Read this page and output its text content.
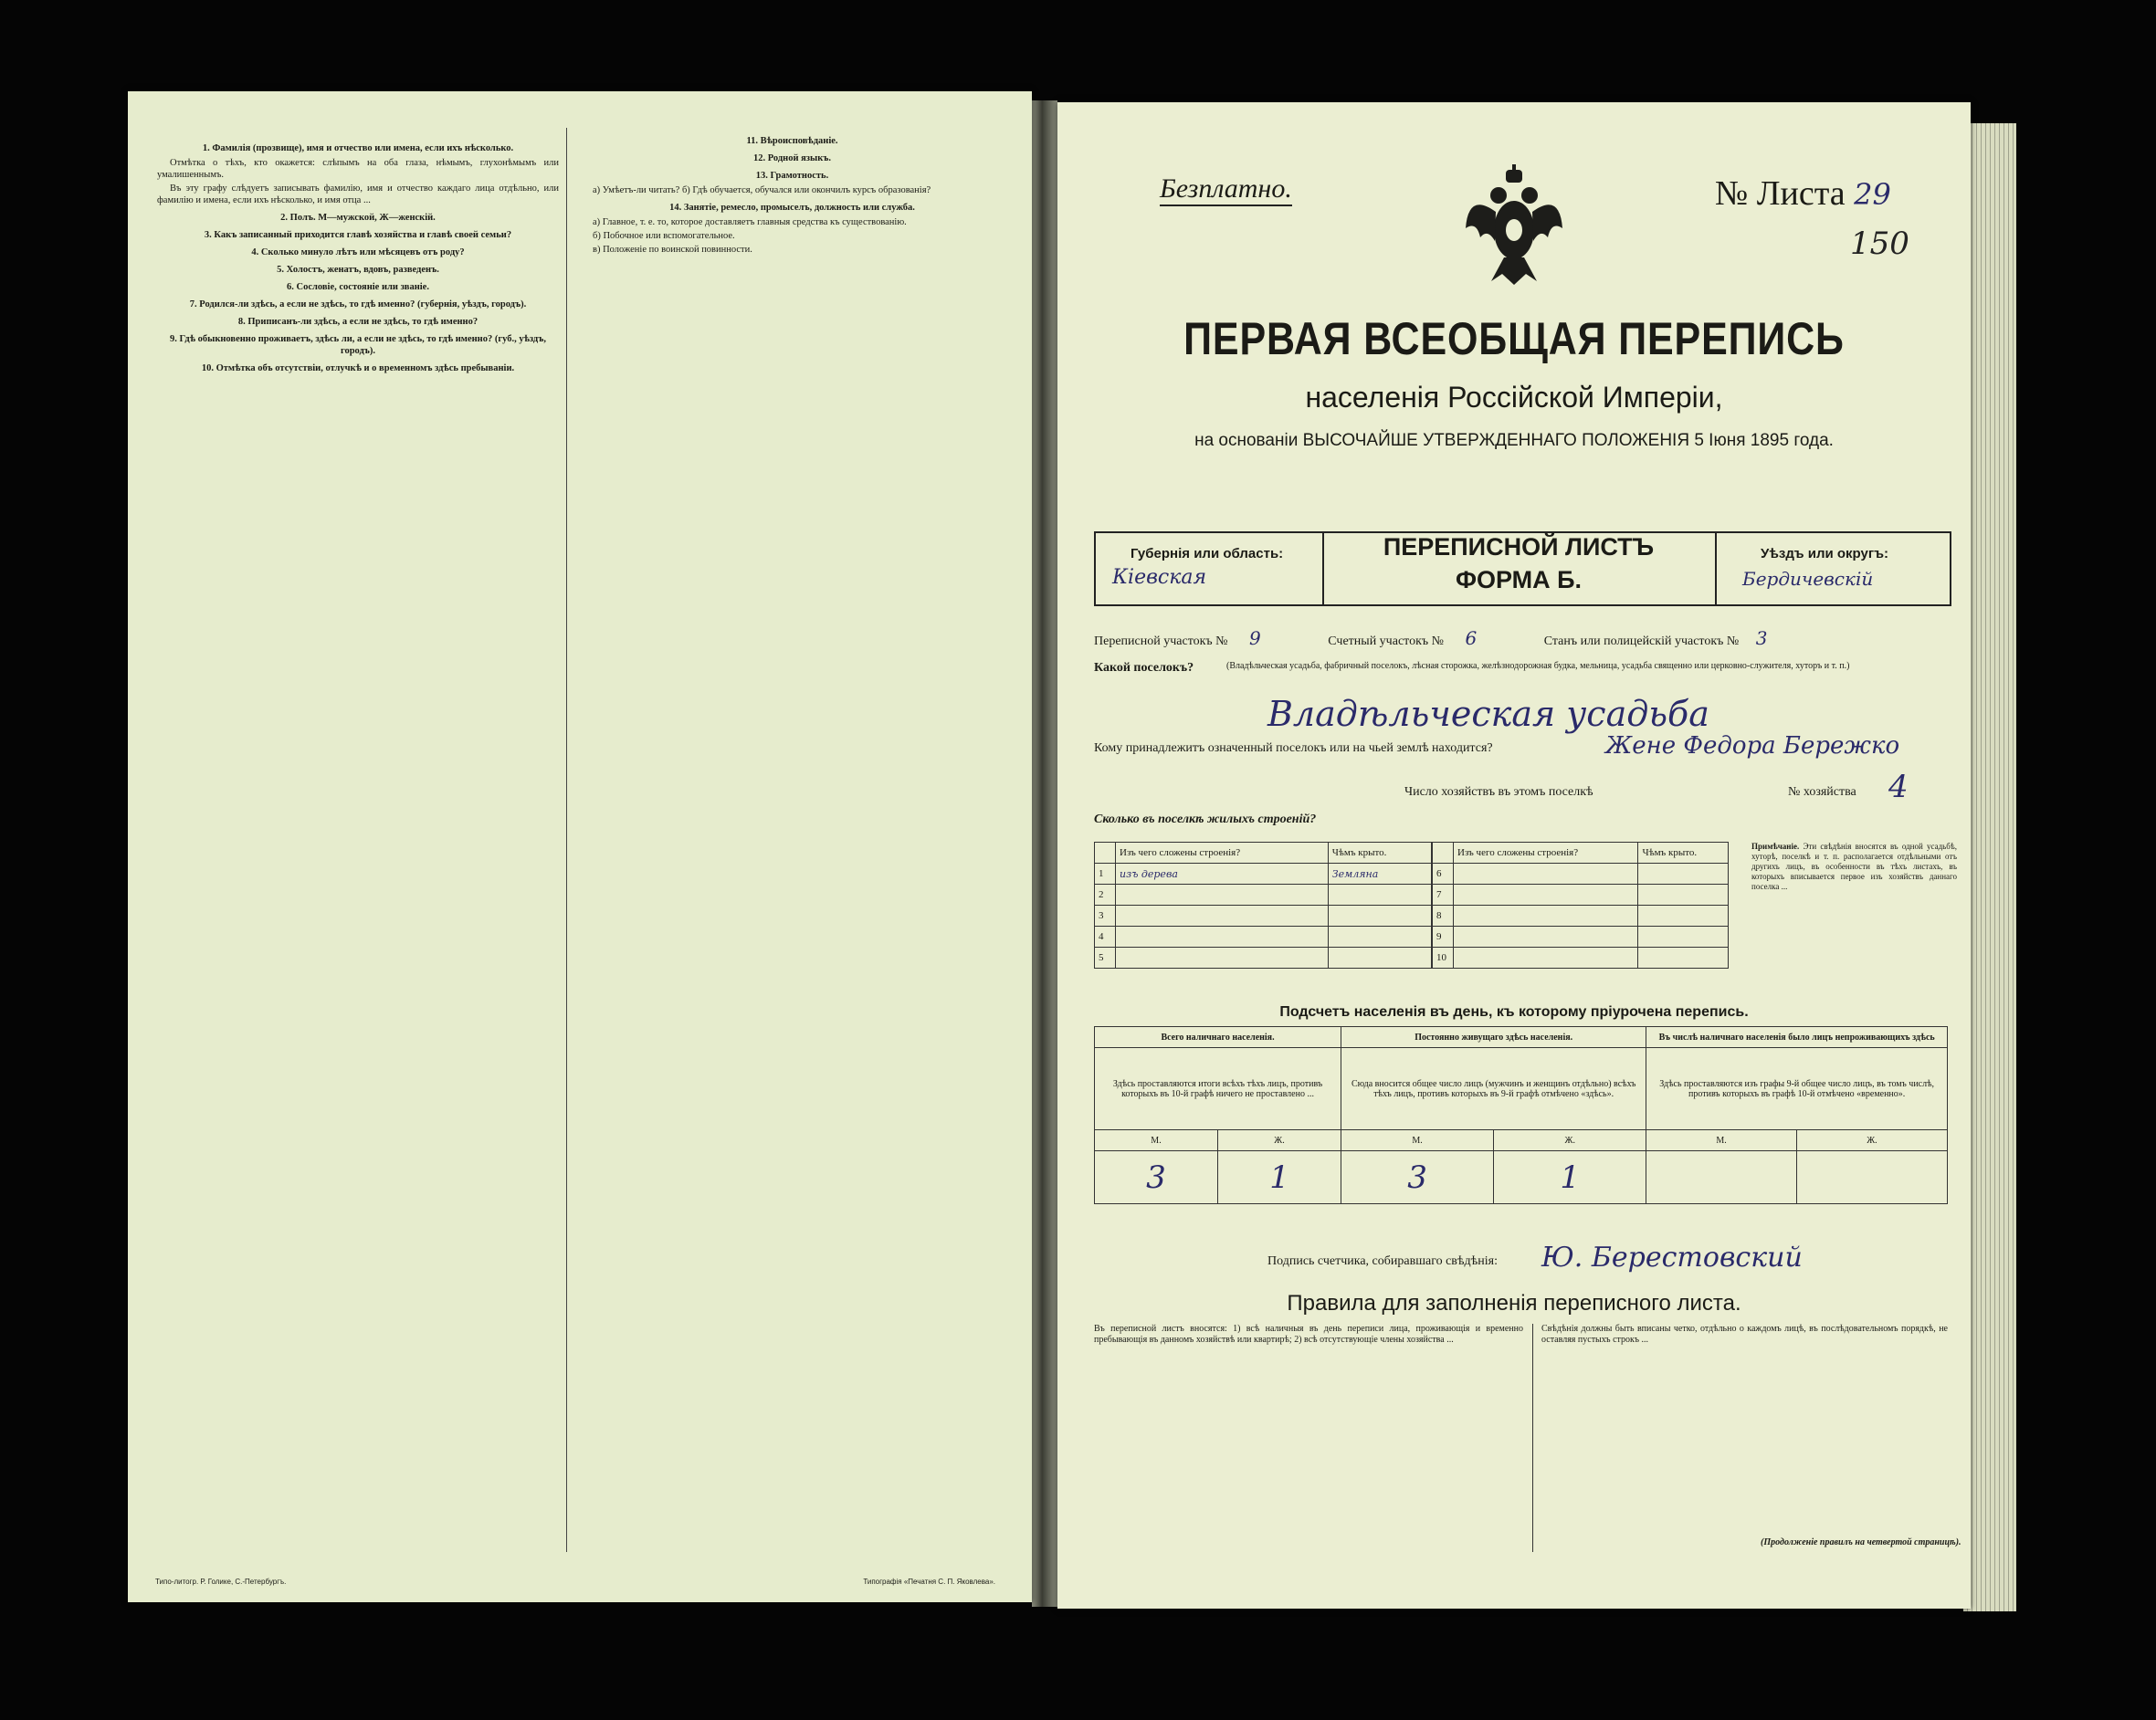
1. Фамилія (прозвище), имя и отчество или имена, если ихъ нѣсколько.

Отмѣтка о тѣхъ, кто окажется: слѣпымъ на оба глаза, нѣмымъ, глухонѣмымъ или умалишеннымъ.

Въ эту графу слѣдуетъ записывать фамилію, имя и отчество каждаго лица отдѣльно, или фамилію и имена, если ихъ нѣсколько, и имя отца ...

2. Полъ. М—мужской, Ж—женскій.

3. Какъ записанный приходится главѣ хозяйства и главѣ своей семьи?

4. Сколько минуло лѣтъ или мѣсяцевъ отъ роду?

5. Холостъ, женатъ, вдовъ, разведенъ.

6. Сословіе, состояніе или званіе.

7. Родился-ли здѣсь, а если не здѣсь, то гдѣ именно? (губернія, уѣздъ, городъ).

8. Приписанъ-ли здѣсь, а если не здѣсь, то гдѣ именно?

9. Гдѣ обыкновенно проживаетъ, здѣсь ли, а если не здѣсь, то гдѣ именно? (губ., уѣздъ, городъ).

10. Отмѣтка объ отсутствіи, отлучкѣ и о временномъ здѣсь пребываніи.

11. Вѣроисповѣданіе.

12. Родной языкъ.

13. Грамотность.

а) Умѣетъ-ли читать? б) Гдѣ обучается, обучался или окончилъ курсъ образованія?

14. Занятіе, ремесло, промыселъ, должность или служба.

а) Главное, т. е. то, которое доставляетъ главныя средства къ существованію.

б) Побочное или вспомогательное.

в) Положеніе по воинской повинности.

Типо-литогр. Р. Голике, С.-Петербургъ.	Типографія «Печатня С. П. Яковлева».
Безплатно.	№ Листа 29
150
ПЕРВАЯ ВСЕОБЩАЯ ПЕРЕПИСЬ
населенія Россійской Имперіи,
на основаніи ВЫСОЧАЙШЕ УТВЕРЖДЕННАГО ПОЛОЖЕНІЯ 5 Іюня 1895 года.
Губернія или область:
Кіевская
ПЕРЕПИСНОЙ ЛИСТЪ
ФОРМА Б.
Уѣздъ или округъ:
Бердичевскій
Переписной участокъ № 9	Счетный участокъ № 6	Станъ или полицейскій участокъ № 3
Какой поселокъ?	(Владѣльческая усадьба, фабричный поселокъ, лѣсная сторожка, желѣзнодорожная будка, мельница, усадьба священно или церковно-служителя, хуторъ и т. п.)
Владѣльческая усадьба
Кому принадлежитъ означенный поселокъ или на чьей землѣ находится?	Жене Федора Бережко
Число хозяйствъ въ этомъ поселкѣ	№ хозяйства 4
Сколько въ поселкѣ жилыхъ строеній?
	Изъ чего сложены строенія?	Чѣмъ крыто.
1	изъ дерева	Земляна
2		
3		
4		
5		
	Изъ чего сложены строенія?	Чѣмъ крыто.
6		
7		
8		
9		
10		
Примѣчаніе. Эти свѣдѣнія вносятся въ одной усадьбѣ, хуторѣ, поселкѣ и т. п. располагается отдѣльными отъ другихъ лицъ, въ особенности въ тѣхъ листахъ, въ которыхъ вписывается первое изъ хозяйствъ даннаго поселка ...
Подсчетъ населенія въ день, къ которому пріурочена перепись.
Всего наличнаго населенія.		Постоянно живущаго здѣсь населенія.		Въ числѣ наличнаго населенія было лицъ непроживающихъ здѣсь	
Здѣсь проставляются итоги всѣхъ тѣхъ лицъ, противъ которыхъ въ 10-й графѣ ничего не проставлено ...		Сюда вносится общее число лицъ (мужчинъ и женщинъ отдѣльно) всѣхъ тѣхъ лицъ, противъ которыхъ въ 9-й графѣ отмѣчено «здѣсь».		Здѣсь проставляются изъ графы 9-й общее число лицъ, въ томъ числѣ, противъ которыхъ въ графѣ 10-й отмѣчено «временно».	
М.	Ж.	М.	Ж.	М.	Ж.
3	1	3	1		
Подпись счетчика, собиравшаго свѣдѣнія: Ю. Берестовский
Правила для заполненія переписного листа.
Въ переписной листъ вносятся: 1) всѣ наличныя въ день переписи лица, проживающія и временно пребывающія въ данномъ хозяйствѣ или квартирѣ; 2) всѣ отсутствующіе члены хозяйства ...
Свѣдѣнія должны быть вписаны четко, отдѣльно о каждомъ лицѣ, въ послѣдовательномъ порядкѣ, не оставляя пустыхъ строкъ ...
(Продолженіе правилъ на четвертой страницѣ).
